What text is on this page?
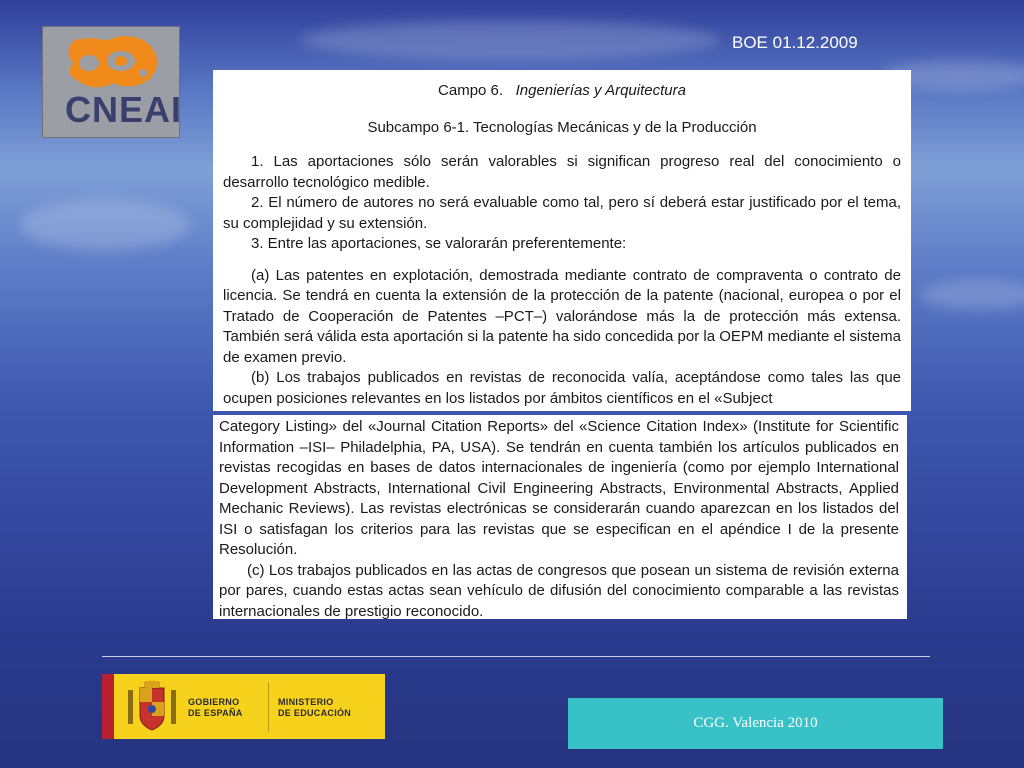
CNEAI
BOE 01.12.2009

Campo 6. Ingenierías y Arquitectura

Subcampo 6-1. Tecnologías Mecánicas y de la Producción

1. Las aportaciones sólo serán valorables si significan progreso real del conocimiento o desarrollo tecnológico medible.

2. El número de autores no será evaluable como tal, pero sí deberá estar justificado por el tema, su complejidad y su extensión.

3. Entre las aportaciones, se valorarán preferentemente:

(a) Las patentes en explotación, demostrada mediante contrato de compraventa o contrato de licencia. Se tendrá en cuenta la extensión de la protección de la patente (nacional, europea o por el Tratado de Cooperación de Patentes –PCT–) valorándose más la de protección más extensa. También será válida esta aportación si la patente ha sido concedida por la OEPM mediante el sistema de examen previo.

(b) Los trabajos publicados en revistas de reconocida valía, aceptándose como tales las que ocupen posiciones relevantes en los listados por ámbitos científicos en el «Subject

Category Listing» del «Journal Citation Reports» del «Science Citation Index» (Institute for Scientific Information –ISI– Philadelphia, PA, USA). Se tendrán en cuenta también los artículos publicados en revistas recogidas en bases de datos internacionales de ingeniería (como por ejemplo International Development Abstracts, International Civil Engineering Abstracts, Environmental Abstracts, Applied Mechanic Reviews). Las revistas electrónicas se considerarán cuando aparezcan en los listados del ISI o satisfagan los criterios para las revistas que se especifican en el apéndice I de la presente Resolución.

(c) Los trabajos publicados en las actas de congresos que posean un sistema de revisión externa por pares, cuando estas actas sean vehículo de difusión del conocimiento comparable a las revistas internacionales de prestigio reconocido.

GOBIERNO
DE ESPAÑA
MINISTERIO
DE EDUCACIÓN
CGG. Valencia 2010
